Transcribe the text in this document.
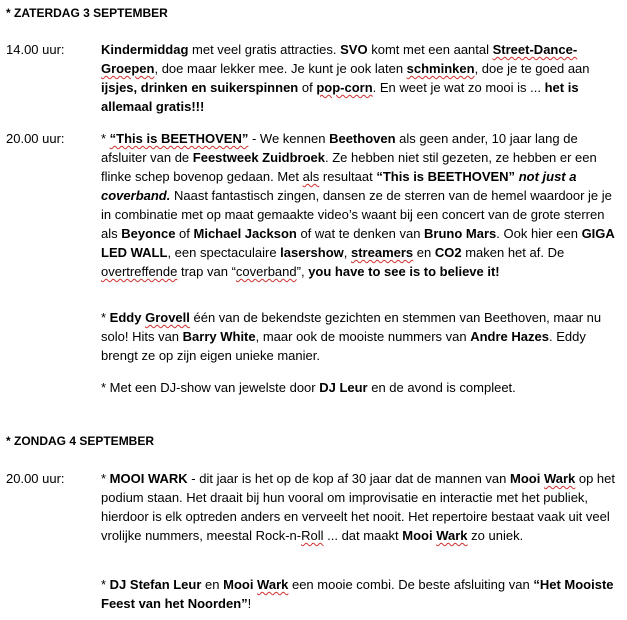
* ZATERDAG 3 SEPTEMBER
14.00 uur:	Kindermiddag met veel gratis attracties. SVO komt met een aantal Street-Dance-Groepen, doe maar lekker mee. Je kunt je ook laten schminken, doe je te goed aan ijsjes, drinken en suikerspinnen of pop-corn. En weet je wat zo mooi is ... het is allemaal gratis!!!

20.00 uur:	* “This is BEETHOVEN” - We kennen Beethoven als geen ander, 10 jaar lang de afsluiter van de Feestweek Zuidbroek. Ze hebben niet stil gezeten, ze hebben er een flinke schep bovenop gedaan. Met als resultaat “This is BEETHOVEN” not just a coverband. Naast fantastisch zingen, dansen ze de sterren van de hemel waardoor je je in combinatie met op maat gemaakte video’s waant bij een concert van de grote sterren als Beyonce of Michael Jackson of wat te denken van Bruno Mars. Ook hier een GIGA LED WALL, een spectaculaire lasershow, streamers en CO2 maken het af. De overtreffende trap van “coverband”, you have to see is to believe it!

* Eddy Grovell één van de bekendste gezichten en stemmen van Beethoven, maar nu solo! Hits van Barry White, maar ook de mooiste nummers van Andre Hazes. Eddy brengt ze op zijn eigen unieke manier.

* Met een DJ-show van jewelste door DJ Leur en de avond is compleet.

* ZONDAG 4 SEPTEMBER
20.00 uur:	* MOOI WARK - dit jaar is het op de kop af 30 jaar dat de mannen van Mooi Wark op het podium staan. Het draait bij hun vooral om improvisatie en interactie met het publiek, hierdoor is elk optreden anders en verveelt het nooit. Het repertoire bestaat vaak uit veel vrolijke nummers, meestal Rock-n-Roll ... dat maakt Mooi Wark zo uniek.

* DJ Stefan Leur en Mooi Wark een mooie combi. De beste afsluiting van “Het Mooiste Feest van het Noorden”!
